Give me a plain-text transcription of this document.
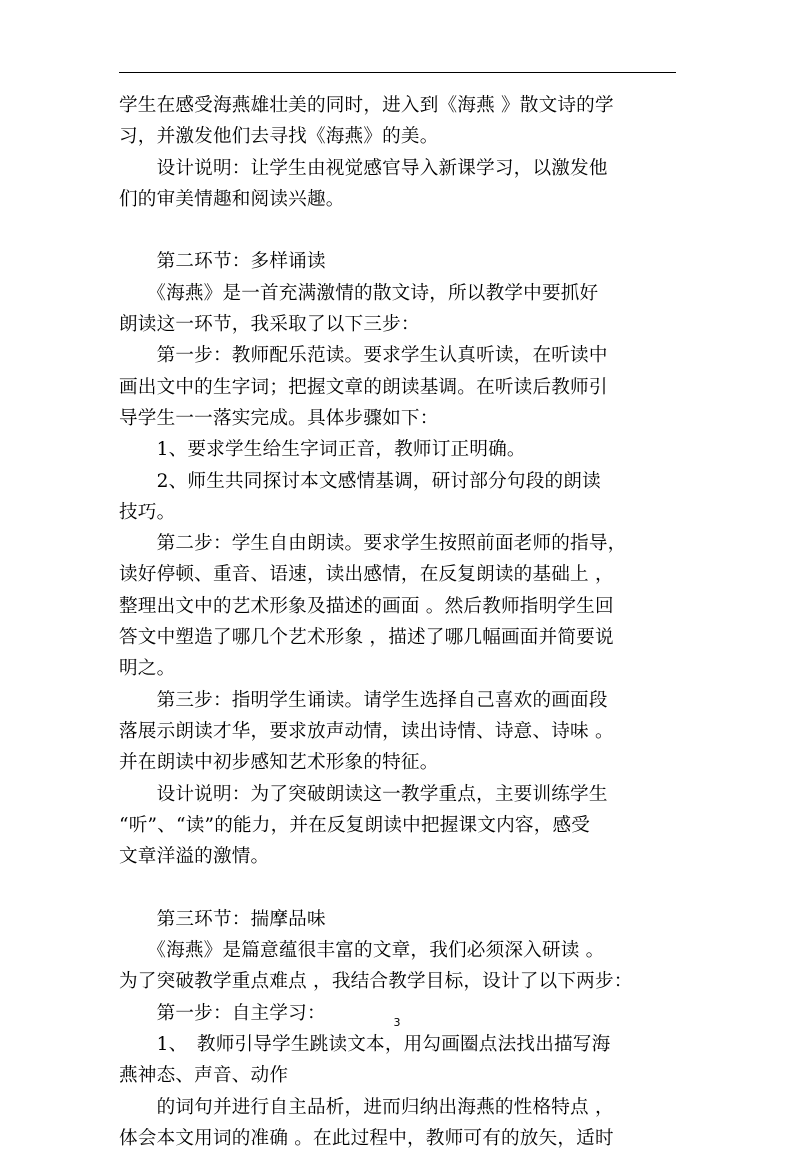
学生在感受海燕雄壮美的同时，进入到《海燕 》散文诗的学
习，并激发他们去寻找《海燕》的美。
　　设计说明：让学生由视觉感官导入新课学习，以激发他
们的审美情趣和阅读兴趣。
　　第二环节：多样诵读
　　《海燕》是一首充满激情的散文诗，所以教学中要抓好
朗读这一环节，我采取了以下三步：
　　第一步：教师配乐范读。要求学生认真听读，在听读中
画出文中的生字词；把握文章的朗读基调。在听读后教师引
导学生一一落实完成。具体步骤如下：
　　1、要求学生给生字词正音，教师订正明确。
　　2、师生共同探讨本文感情基调，研讨部分句段的朗读
技巧。
　　第二步：学生自由朗读。要求学生按照前面老师的指导，
读好停顿、重音、语速，读出感情，在反复朗读的基础上 ，
整理出文中的艺术形象及描述的画面 。然后教师指明学生回
答文中塑造了哪几个艺术形象 ，描述了哪几幅画面并简要说
明之。
　　第三步：指明学生诵读。请学生选择自己喜欢的画面段
落展示朗读才华，要求放声动情，读出诗情、诗意、诗味 。
并在朗读中初步感知艺术形象的特征。
　　设计说明：为了突破朗读这一教学重点，主要训练学生
“听”、“读”的能力，并在反复朗读中把握课文内容，感受
文章洋溢的激情。
　　第三环节：揣摩品味
　　《海燕》是篇意蕴很丰富的文章，我们必须深入研读 。
为了突破教学重点难点 ，我结合教学目标，设计了以下两步：
　　第一步：自主学习：
　　1、　教师引导学生跳读文本，用勾画圈点法找出描写海
燕神态、声音、动作
　　的词句并进行自主品析，进而归纳出海燕的性格特点 ，
体会本文用词的准确 。在此过程中，教师可有的放矢，适时
3
